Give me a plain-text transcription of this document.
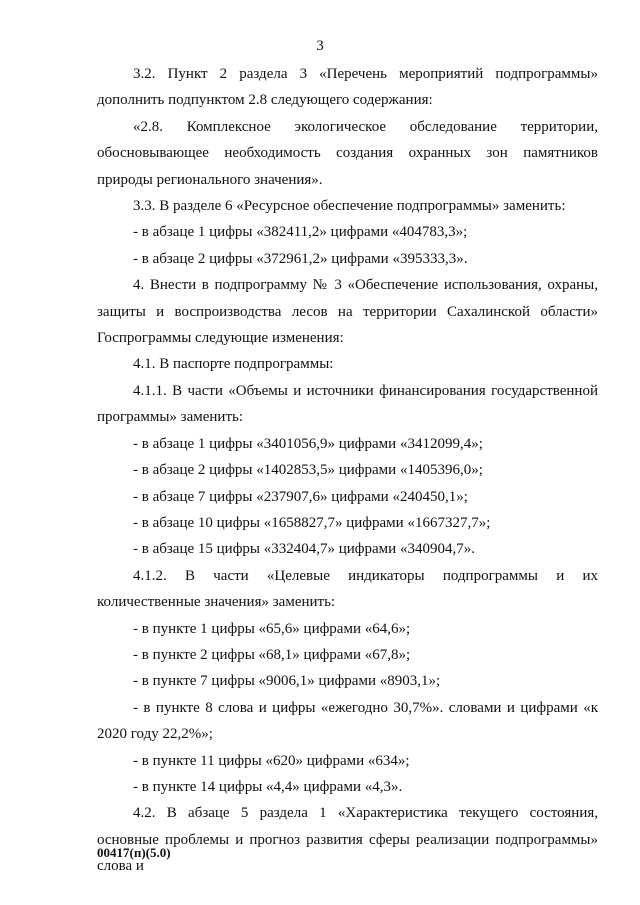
3

3.2. Пункт 2 раздела 3 «Перечень мероприятий подпрограммы» дополнить подпунктом 2.8 следующего содержания:

«2.8. Комплексное экологическое обследование территории, обосновывающее необходимость создания охранных зон памятников природы регионального значения».

3.3. В разделе 6 «Ресурсное обеспечение подпрограммы» заменить:

- в абзаце 1 цифры «382411,2» цифрами «404783,3»;

- в абзаце 2 цифры «372961,2» цифрами «395333,3».

4. Внести в подпрограмму № 3 «Обеспечение использования, охраны, защиты и воспроизводства лесов на территории Сахалинской области» Госпрограммы следующие изменения:

4.1. В паспорте подпрограммы:

4.1.1. В части «Объемы и источники финансирования государственной программы» заменить:

- в абзаце 1 цифры «3401056,9» цифрами «3412099,4»;

- в абзаце 2 цифры «1402853,5» цифрами «1405396,0»;

- в абзаце 7 цифры «237907,6» цифрами «240450,1»;

- в абзаце 10 цифры «1658827,7» цифрами «1667327,7»;

- в абзаце 15 цифры «332404,7» цифрами «340904,7».

4.1.2. В части «Целевые индикаторы подпрограммы и их количественные значения» заменить:

- в пункте 1 цифры «65,6» цифрами «64,6»;

- в пункте 2 цифры «68,1» цифрами «67,8»;

- в пункте 7 цифры «9006,1» цифрами «8903,1»;

- в пункте 8 слова и цифры «ежегодно 30,7%». словами и цифрами «к 2020 году 22,2%»;

- в пункте 11 цифры «620» цифрами «634»;

- в пункте 14 цифры «4,4» цифрами «4,3».

4.2. В абзаце 5 раздела 1 «Характеристика текущего состояния, основные проблемы и прогноз развития сферы реализации подпрограммы» слова и

00417(п)(5.0)
